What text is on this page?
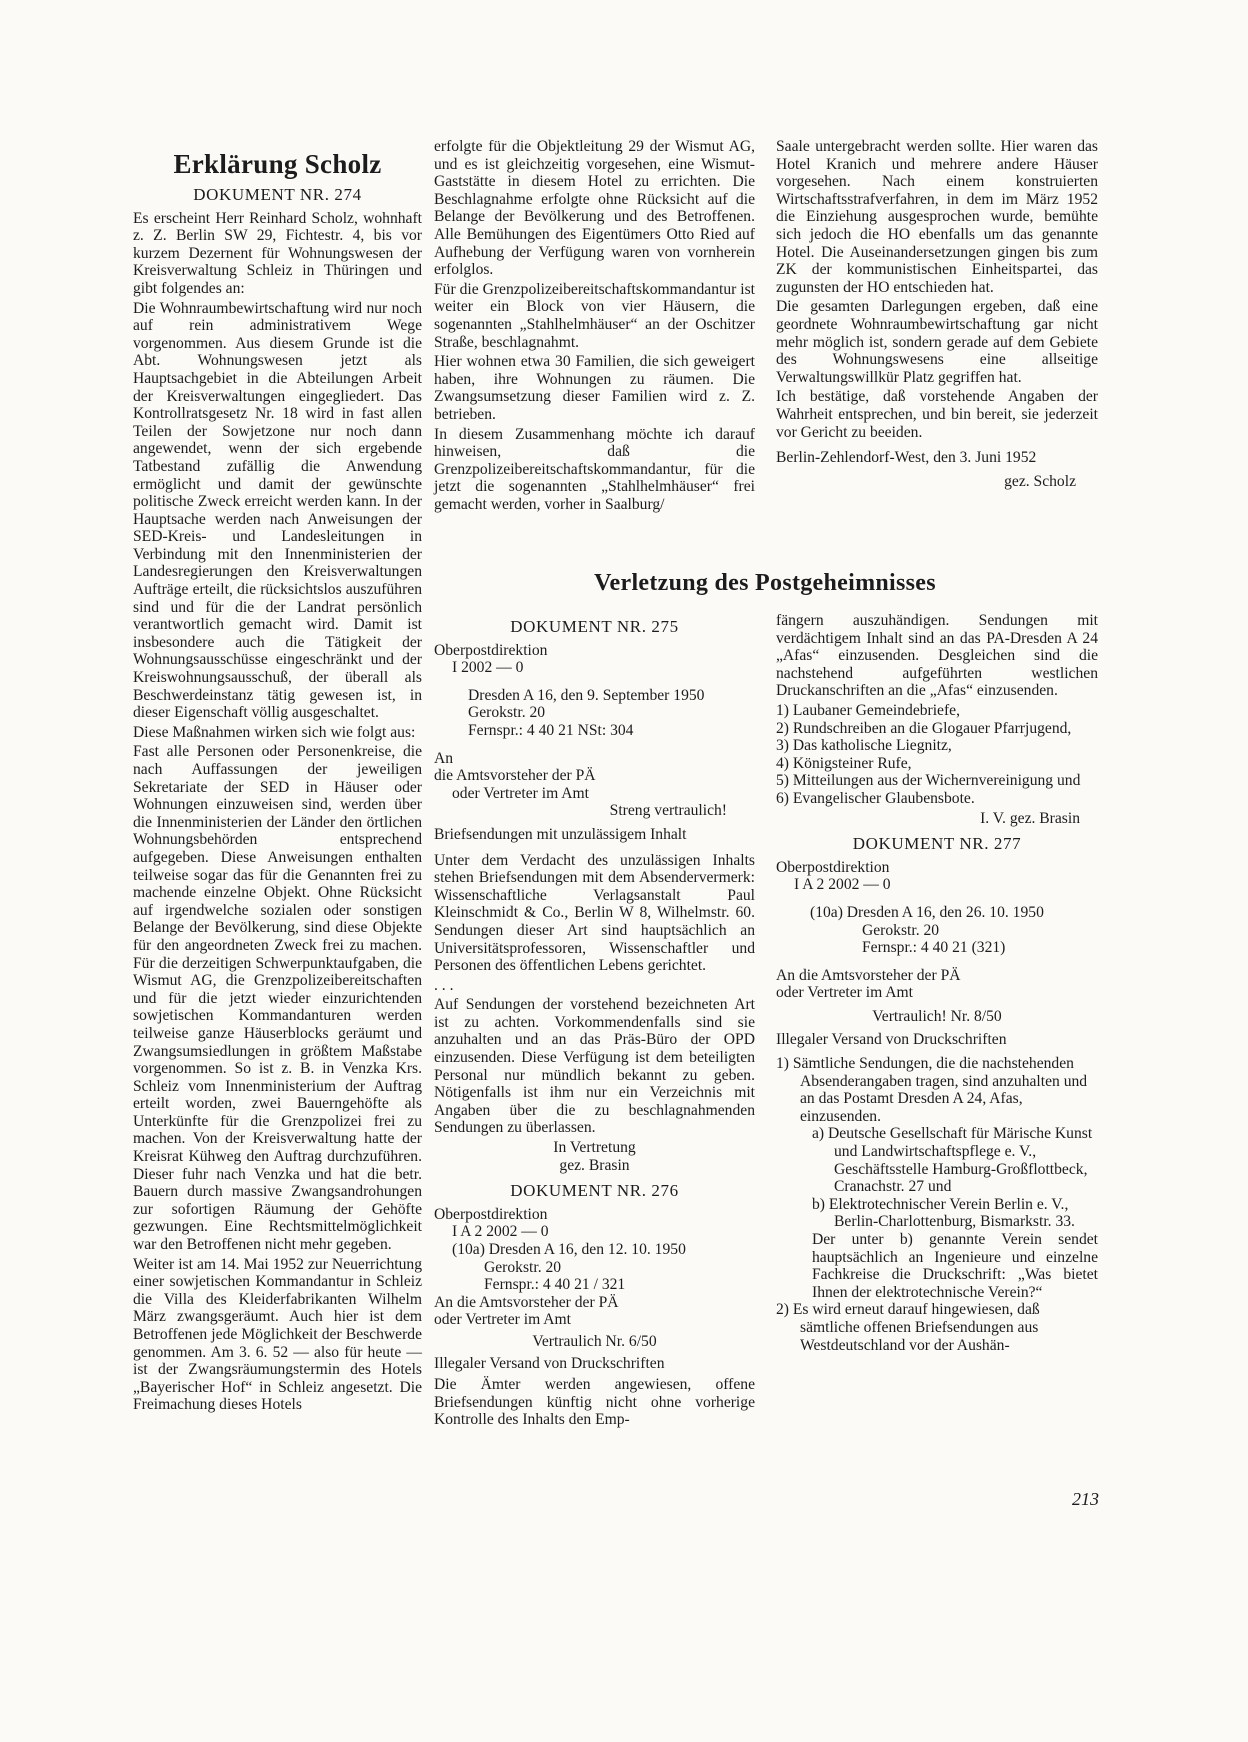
Erklärung Scholz
DOKUMENT NR. 274

Es erscheint Herr Reinhard Scholz, wohnhaft z. Z. Berlin SW 29, Fichtestr. 4, bis vor kurzem Dezernent für Wohnungswesen der Kreisverwaltung Schleiz in Thüringen und gibt folgendes an:

Die Wohnraumbewirtschaftung wird nur noch auf rein administrativem Wege vorgenommen. Aus diesem Grunde ist die Abt. Wohnungswesen jetzt als Hauptsachgebiet in die Abteilungen Arbeit der Kreisverwaltungen eingegliedert. Das Kontrollratsgesetz Nr. 18 wird in fast allen Teilen der Sowjetzone nur noch dann angewendet, wenn der sich ergebende Tatbestand zufällig die Anwendung ermöglicht und damit der gewünschte politische Zweck erreicht werden kann. In der Hauptsache werden nach Anweisungen der SED-Kreis- und Landesleitungen in Verbindung mit den Innenministerien der Landesregierungen den Kreisverwaltungen Aufträge erteilt, die rücksichtslos auszuführen sind und für die der Landrat persönlich verantwortlich gemacht wird. Damit ist insbesondere auch die Tätigkeit der Wohnungsausschüsse eingeschränkt und der Kreiswohnungsausschuß, der überall als Beschwerdeinstanz tätig gewesen ist, in dieser Eigenschaft völlig ausgeschaltet.

Diese Maßnahmen wirken sich wie folgt aus:

Fast alle Personen oder Personenkreise, die nach Auffassungen der jeweiligen Sekretariate der SED in Häuser oder Wohnungen einzuweisen sind, werden über die Innenministerien der Länder den örtlichen Wohnungsbehörden entsprechend aufgegeben. Diese Anweisungen enthalten teilweise sogar das für die Genannten frei zu machende einzelne Objekt. Ohne Rücksicht auf irgendwelche sozialen oder sonstigen Belange der Bevölkerung, sind diese Objekte für den angeordneten Zweck frei zu machen. Für die derzeitigen Schwerpunktaufgaben, die Wismut AG, die Grenzpolizeibereitschaften und für die jetzt wieder einzurichtenden sowjetischen Kommandanturen werden teilweise ganze Häuserblocks geräumt und Zwangsumsiedlungen in größtem Maßstabe vorgenommen. So ist z. B. in Venzka Krs. Schleiz vom Innenministerium der Auftrag erteilt worden, zwei Bauerngehöfte als Unterkünfte für die Grenzpolizei frei zu machen. Von der Kreisverwaltung hatte der Kreisrat Kühweg den Auftrag durchzuführen. Dieser fuhr nach Venzka und hat die betr. Bauern durch massive Zwangsandrohungen zur sofortigen Räumung der Gehöfte gezwungen. Eine Rechtsmittelmöglichkeit war den Betroffenen nicht mehr gegeben.

Weiter ist am 14. Mai 1952 zur Neuerrichtung einer sowjetischen Kommandantur in Schleiz die Villa des Kleiderfabrikanten Wilhelm März zwangsgeräumt. Auch hier ist dem Betroffenen jede Möglichkeit der Beschwerde genommen. Am 3. 6. 52 — also für heute — ist der Zwangsräumungstermin des Hotels „Bayerischer Hof“ in Schleiz angesetzt. Die Freimachung dieses Hotels

erfolgte für die Objektleitung 29 der Wismut AG, und es ist gleichzeitig vorgesehen, eine Wismut-Gaststätte in diesem Hotel zu errichten. Die Beschlagnahme erfolgte ohne Rücksicht auf die Belange der Bevölkerung und des Betroffenen. Alle Bemühungen des Eigentümers Otto Ried auf Aufhebung der Verfügung waren von vornherein erfolglos.

Für die Grenzpolizeibereitschaftskommandantur ist weiter ein Block von vier Häusern, die sogenannten „Stahlhelmhäuser“ an der Oschitzer Straße, beschlagnahmt.

Hier wohnen etwa 30 Familien, die sich geweigert haben, ihre Wohnungen zu räumen. Die Zwangsumsetzung dieser Familien wird z. Z. betrieben.

In diesem Zusammenhang möchte ich darauf hinweisen, daß die Grenzpolizeibereitschaftskommandantur, für die jetzt die sogenannten „Stahlhelmhäuser“ frei gemacht werden, vorher in Saalburg/

Saale untergebracht werden sollte. Hier waren das Hotel Kranich und mehrere andere Häuser vorgesehen. Nach einem konstruierten Wirtschaftsstrafverfahren, in dem im März 1952 die Einziehung ausgesprochen wurde, bemühte sich jedoch die HO ebenfalls um das genannte Hotel. Die Auseinandersetzungen gingen bis zum ZK der kommunistischen Einheitspartei, das zugunsten der HO entschieden hat.

Die gesamten Darlegungen ergeben, daß eine geordnete Wohnraumbewirtschaftung gar nicht mehr möglich ist, sondern gerade auf dem Gebiete des Wohnungswesens eine allseitige Verwaltungswillkür Platz gegriffen hat.

Ich bestätige, daß vorstehende Angaben der Wahrheit entsprechen, und bin bereit, sie jederzeit vor Gericht zu beeiden.

Berlin-Zehlendorf-West, den 3. Juni 1952

gez. Scholz

Verletzung des Postgeheimnisses
DOKUMENT NR. 275
Oberpostdirektion
I 2002 — 0
Dresden A 16, den 9. September 1950
Gerokstr. 20
Fernspr.: 4 40 21 NSt: 304
An
die Amtsvorsteher der PÄ
oder Vertreter im Amt
Streng vertraulich!

Briefsendungen mit unzulässigem Inhalt

Unter dem Verdacht des unzulässigen Inhalts stehen Briefsendungen mit dem Absendervermerk: Wissenschaftliche Verlagsanstalt Paul Kleinschmidt & Co., Berlin W 8, Wilhelmstr. 60. Sendungen dieser Art sind hauptsächlich an Universitätsprofessoren, Wissenschaftler und Personen des öffentlichen Lebens gerichtet.

. . .

Auf Sendungen der vorstehend bezeichneten Art ist zu achten. Vorkommendenfalls sind sie anzuhalten und an das Präs-Büro der OPD einzusenden. Diese Verfügung ist dem beteiligten Personal nur mündlich bekannt zu geben. Nötigenfalls ist ihm nur ein Verzeichnis mit Angaben über die zu beschlagnahmenden Sendungen zu überlassen.

In Vertretung
gez. Brasin
DOKUMENT NR. 276
Oberpostdirektion
I A 2 2002 — 0
(10a) Dresden A 16, den 12. 10. 1950
Gerokstr. 20
Fernspr.: 4 40 21 / 321
An die Amtsvorsteher der PÄ
oder Vertreter im Amt
Vertraulich Nr. 6/50
Illegaler Versand von Druckschriften

Die Ämter werden angewiesen, offene Briefsendungen künftig nicht ohne vorherige Kontrolle des Inhalts den Emp-

fängern auszuhändigen. Sendungen mit verdächtigem Inhalt sind an das PA-Dresden A 24 „Afas“ einzusenden. Desgleichen sind die nachstehend aufgeführten westlichen Druckanschriften an die „Afas“ einzusenden.

1) Laubaner Gemeindebriefe,
2) Rundschreiben an die Glogauer Pfarrjugend,
3) Das katholische Liegnitz,
4) Königsteiner Rufe,
5) Mitteilungen aus der Wichernvereinigung und
6) Evangelischer Glaubensbote.
I. V. gez. Brasin
DOKUMENT NR. 277
Oberpostdirektion
I A 2 2002 — 0
(10a) Dresden A 16, den 26. 10. 1950
Gerokstr. 20
Fernspr.: 4 40 21 (321)
An die Amtsvorsteher der PÄ
oder Vertreter im Amt
Vertraulich! Nr. 8/50
Illegaler Versand von Druckschriften
1) Sämtliche Sendungen, die die nachstehenden Absenderangaben tragen, sind anzuhalten und an das Postamt Dresden A 24, Afas, einzusenden.
a) Deutsche Gesellschaft für Märische Kunst und Landwirtschaftspflege e. V., Geschäftsstelle Hamburg-Großflottbeck, Cranachstr. 27 und
b) Elektrotechnischer Verein Berlin e. V., Berlin-Charlottenburg, Bismarkstr. 33.
Der unter b) genannte Verein sendet hauptsächlich an Ingenieure und einzelne Fachkreise die Druckschrift: „Was bietet Ihnen der elektrotechnische Verein?“
2) Es wird erneut darauf hingewiesen, daß sämtliche offenen Briefsendungen aus Westdeutschland vor der Aushän-
213
